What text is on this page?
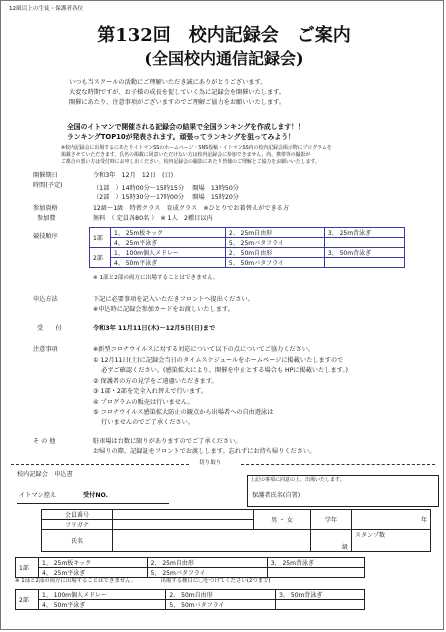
12級以上の生徒・保護者各位
第132回　校内記録会　ご案内
(全国校内通信記録会)
いつも当スクールの活動にご理解いただき誠にありがとうございます。
大変な時期ですが、お子様の成長を促していく為に記録会を開催いたします。
開催にあたり、注意事項がございますのでご理解ご協力をお願いいたします。
全国のイトマンで開催される記録会の結果で全国ランキングを作成します！！
ランキングTOP10が発表されます。頑張ってランキングを狙ってみよう！
※校内記録会に出場するにあたりイトマンSSのホームページ・SNS投稿・イトマンSS内の校内記録会掲示物にプログラムを
掲載させていただきます。氏名の掲載に同意いただけない方は校内記録会に参加できません。尚、携帯等の撮影が
ご都合の悪い方は受付時にお申し出ください。校内記録会の撮影にあたり皆様のご理解とご協力をお願いいたします。
開催期日	令和3年　12月　12日　(日)
時間(予定)	（1部　）14時00分〜15時15分　 開場　13時50分
（2部　）15時30分〜17時00分　 開場　15時20分
参加資格	12級〜1級　特習クラス　育成クラス　※ひとりでお着替えができる方
参加費	無料　（ 定員各80名 ）　※ 1人　2種目以内
競技順序	1部	1、 25m板キック	2、 25m自由形	3、 25m背泳ぎ
	4、 25m平泳ぎ	5、 25mバタフライ	
2部	1、 100m個人メドレー	2、 50m自由形	3、 50m背泳ぎ
	4、 50m平泳ぎ	5、 50mバタフライ	
※ 1部と2部の両方に出場することはできません。
申込方法	下記に必要事項を記入いただきフロントへ提出ください。
※申込時に記録会参加カードをお渡しいたします。
受　　付	令和3年 11月11日(木)〜12月5日(日)まで
注意事項	※新型コロナウイルスに対する対応について以下の点についてご協力ください。
① 12月11日(土)に記録会当日のタイムスケジュールをホームページに掲載いたしますので
　 必ずご確認ください。(感染拡大により、開催を中止とする場合も HPに掲載いたします。)
② 保護者の方の見学をご遠慮いただきます。
③ 1部・2部を完全入れ替えで行います。
④ プログラムの販売は行いません。
⑤ コロナウイルス感染拡大防止の観点から出場者への自由遊泳は
　 行いませんのでご了承ください。
そ の 他	駐車場は台数に限りがありますのでご了承ください。
お帰りの際、記録証をフロントでお渡しします。忘れずにお持ち帰りください。
切り取り
校内記録会　申込書
イトマン控え	受付NO.
上記の事項に同意の上、出場いたします。
保護者氏名(自署)
会員番号		男 ・ 女	学年	年
フリガナ				
氏名			級	スタンプ数
1部	1、 25m板キック	2、 25m自由形	3、 25m背泳ぎ
	4、 25m平泳ぎ	5、 25mバタフライ	
※ 1部と2部の両方に出場することはできません。　　　　　出場する種目に〇をつけてください(2つまで)
2部	1、 100m個人メドレー	2、 50m自由形	3、 50m背泳ぎ
	4、 50m平泳ぎ	5、 50mバタフライ	
